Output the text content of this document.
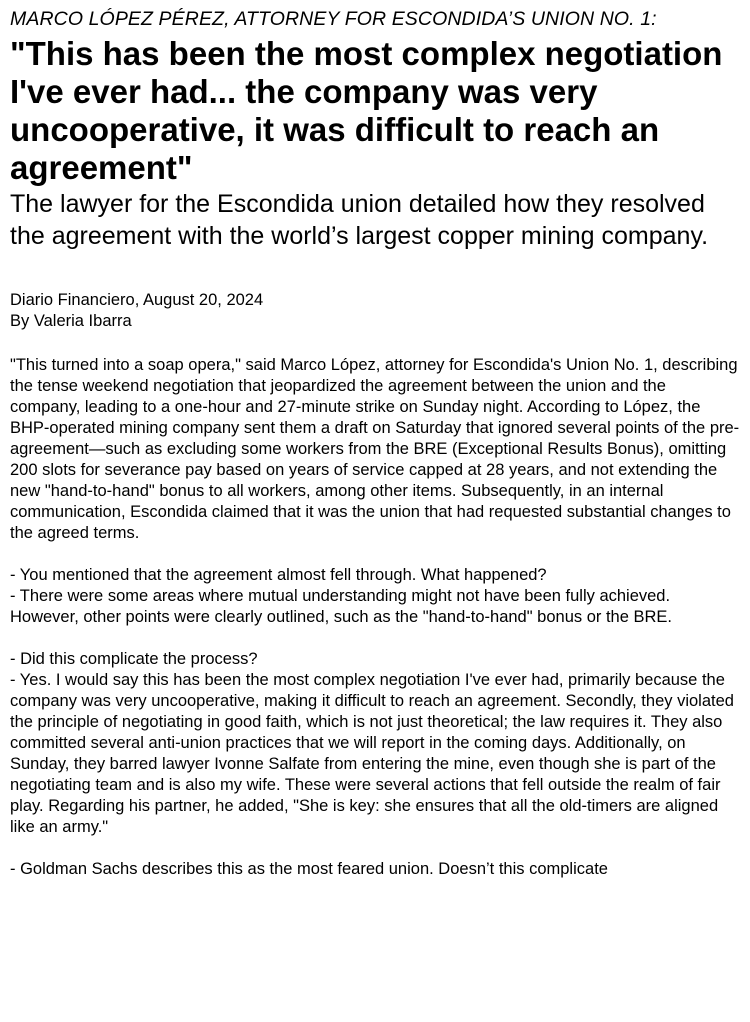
MARCO LÓPEZ PÉREZ, ATTORNEY FOR ESCONDIDA’S UNION NO. 1:

"This has been the most complex negotiation I've ever had... the company was very uncooperative, it was difficult to reach an agreement"

The lawyer for the Escondida union detailed how they resolved the agreement with the world’s largest copper mining company.

Diario Financiero, August 20, 2024
By Valeria Ibarra

"This turned into a soap opera," said Marco López, attorney for Escondida's Union No. 1, describing the tense weekend negotiation that jeopardized the agreement between the union and the company, leading to a one-hour and 27-minute strike on Sunday night. According to López, the BHP-operated mining company sent them a draft on Saturday that ignored several points of the pre-agreement—such as excluding some workers from the BRE (Exceptional Results Bonus), omitting 200 slots for severance pay based on years of service capped at 28 years, and not extending the new "hand-to-hand" bonus to all workers, among other items. Subsequently, in an internal communication, Escondida claimed that it was the union that had requested substantial changes to the agreed terms.

- You mentioned that the agreement almost fell through. What happened?
- There were some areas where mutual understanding might not have been fully achieved. However, other points were clearly outlined, such as the "hand-to-hand" bonus or the BRE.

- Did this complicate the process?
- Yes. I would say this has been the most complex negotiation I've ever had, primarily because the company was very uncooperative, making it difficult to reach an agreement. Secondly, they violated the principle of negotiating in good faith, which is not just theoretical; the law requires it. They also committed several anti-union practices that we will report in the coming days. Additionally, on Sunday, they barred lawyer Ivonne Salfate from entering the mine, even though she is part of the negotiating team and is also my wife. These were several actions that fell outside the realm of fair play. Regarding his partner, he added, "She is key: she ensures that all the old-timers are aligned like an army."

- Goldman Sachs describes this as the most feared union. Doesn’t this complicate
